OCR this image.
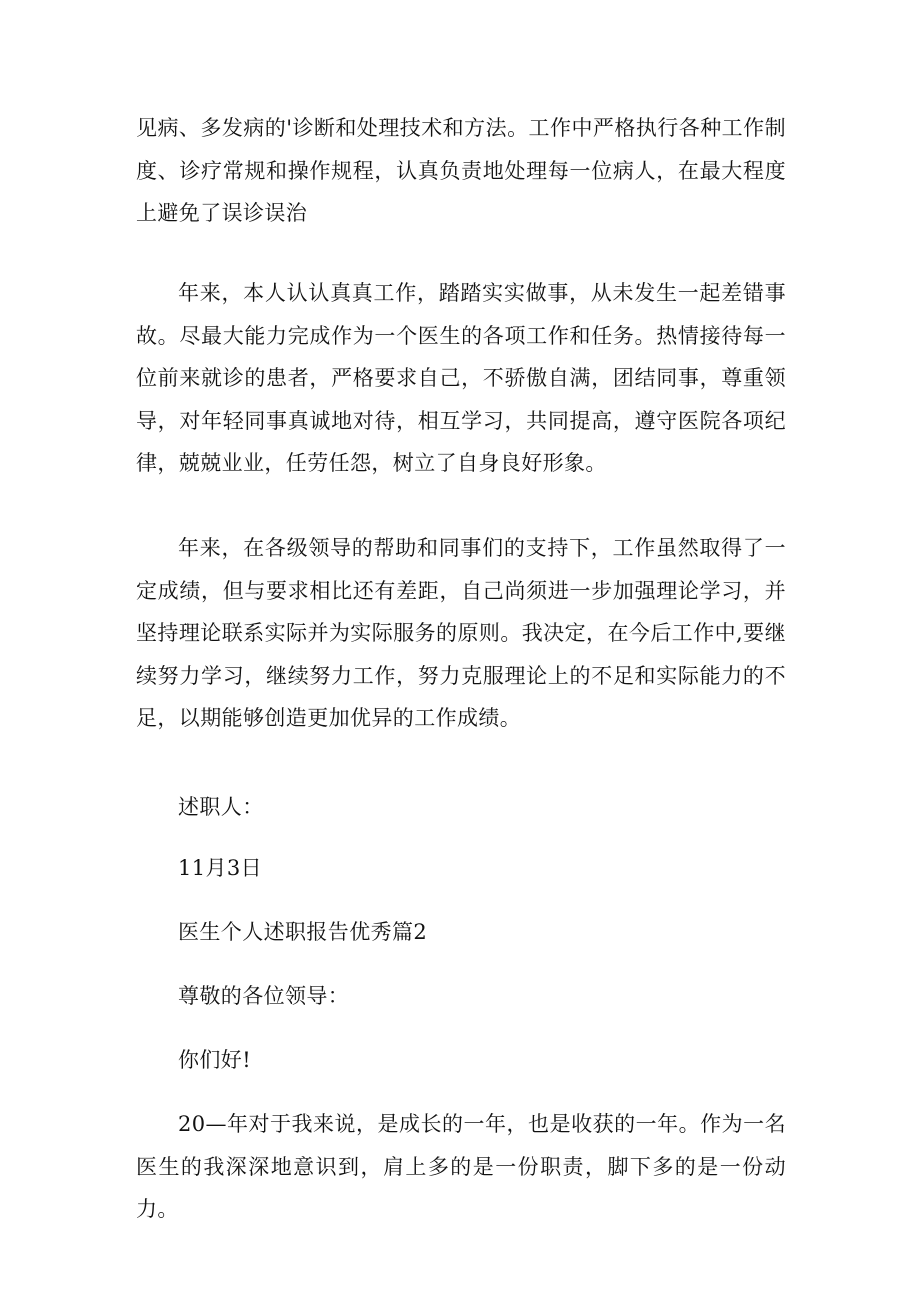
见病、多发病的'诊断和处理技术和方法。工作中严格执行各种工作制度、诊疗常规和操作规程，认真负责地处理每一位病人，在最大程度上避免了误诊误治

年来，本人认认真真工作，踏踏实实做事，从未发生一起差错事故。尽最大能力完成作为一个医生的各项工作和任务。热情接待每一位前来就诊的患者，严格要求自己，不骄傲自满，团结同事，尊重领导，对年轻同事真诚地对待，相互学习，共同提高，遵守医院各项纪律，兢兢业业，任劳任怨，树立了自身良好形象。

年来，在各级领导的帮助和同事们的支持下，工作虽然取得了一定成绩，但与要求相比还有差距，自己尚须进一步加强理论学习，并坚持理论联系实际并为实际服务的原则。我决定，在今后工作中,要继续努力学习，继续努力工作，努力克服理论上的不足和实际能力的不足，以期能够创造更加优异的工作成绩。

述职人：

11月3日

医生个人述职报告优秀篇2

尊敬的各位领导：

你们好!

20—年对于我来说，是成长的一年，也是收获的一年。作为一名医生的我深深地意识到，肩上多的是一份职责，脚下多的是一份动力。
